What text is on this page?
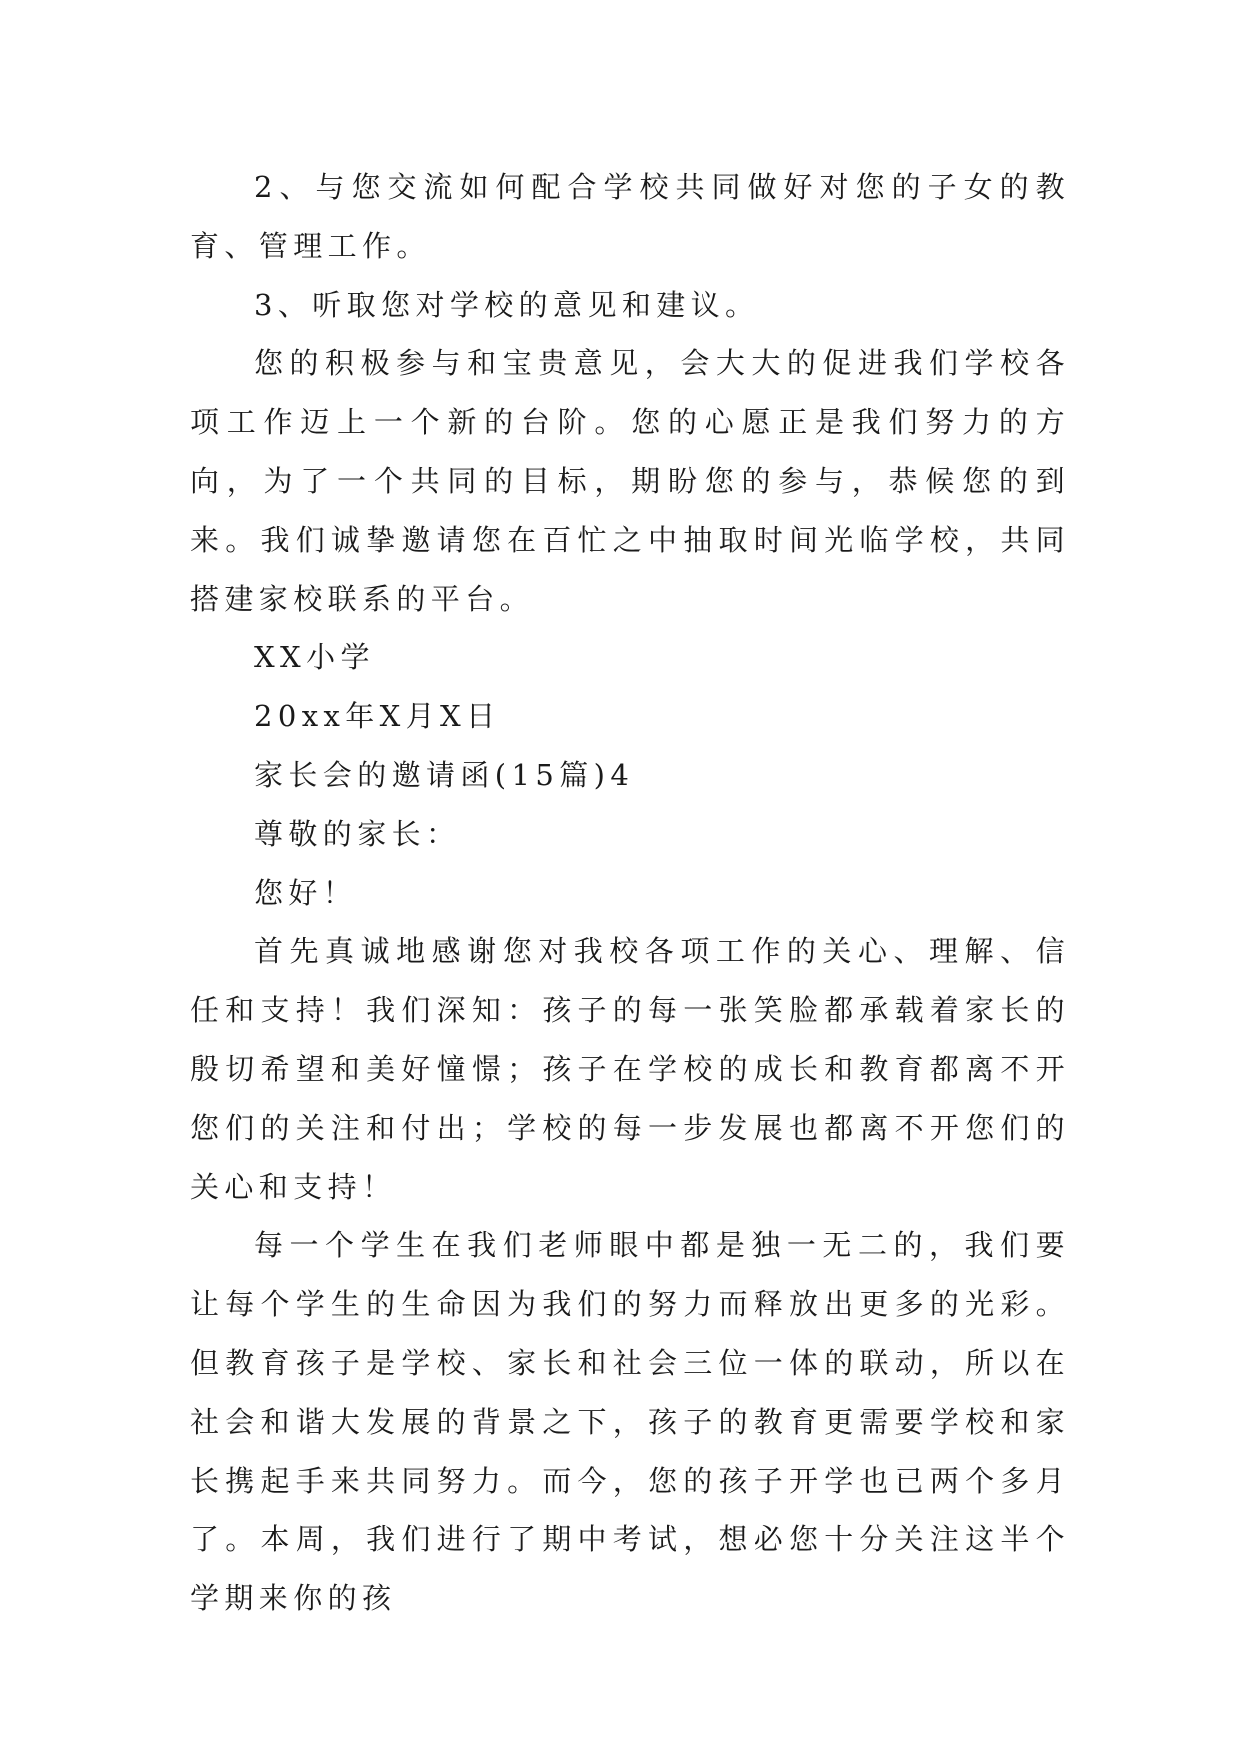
2、与您交流如何配合学校共同做好对您的子女的教育、管理工作。

3、听取您对学校的意见和建议。

您的积极参与和宝贵意见，会大大的促进我们学校各项工作迈上一个新的台阶。您的心愿正是我们努力的方向，为了一个共同的目标，期盼您的参与，恭候您的到来。我们诚挚邀请您在百忙之中抽取时间光临学校，共同搭建家校联系的平台。

XX小学

20xx年X月X日

家长会的邀请函(15篇)4

尊敬的家长：

您好！

首先真诚地感谢您对我校各项工作的关心、理解、信任和支持！我们深知：孩子的每一张笑脸都承载着家长的殷切希望和美好憧憬；孩子在学校的成长和教育都离不开您们的关注和付出；学校的每一步发展也都离不开您们的关心和支持！

每一个学生在我们老师眼中都是独一无二的，我们要让每个学生的生命因为我们的努力而释放出更多的光彩。但教育孩子是学校、家长和社会三位一体的联动，所以在社会和谐大发展的背景之下，孩子的教育更需要学校和家长携起手来共同努力。而今，您的孩子开学也已两个多月了。本周，我们进行了期中考试，想必您十分关注这半个学期来你的孩
